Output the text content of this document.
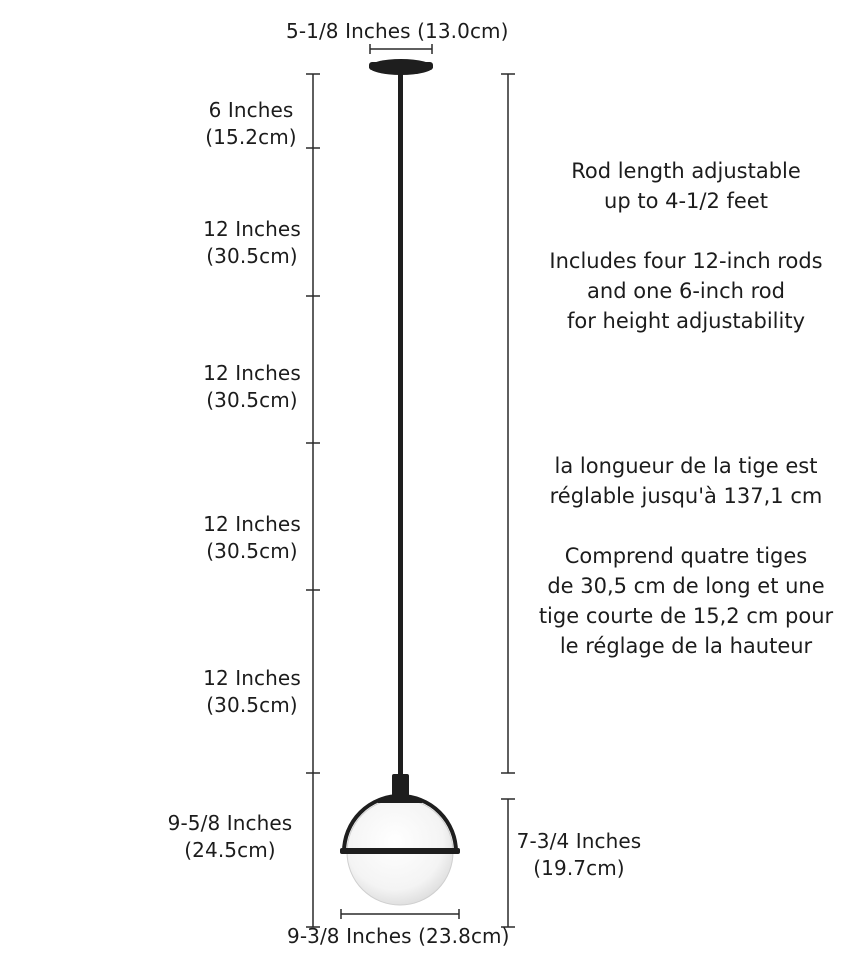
5-1/8 Inches (13.0cm)
6 Inches
(15.2cm)
12 Inches
(30.5cm)
12 Inches
(30.5cm)
12 Inches
(30.5cm)
12 Inches
(30.5cm)
9-5/8 Inches
(24.5cm)	7-3/4 Inches
(19.7cm)
9-3/8 Inches (23.8cm)
Rod length adjustable
up to 4-1/2 feet
Includes four 12-inch rods
and one 6-inch rod
for height adjustability
la longueur de la tige est
réglable jusqu'à 137,1 cm
Comprend quatre tiges
de 30,5 cm de long et une
tige courte de 15,2 cm pour
le réglage de la hauteur
